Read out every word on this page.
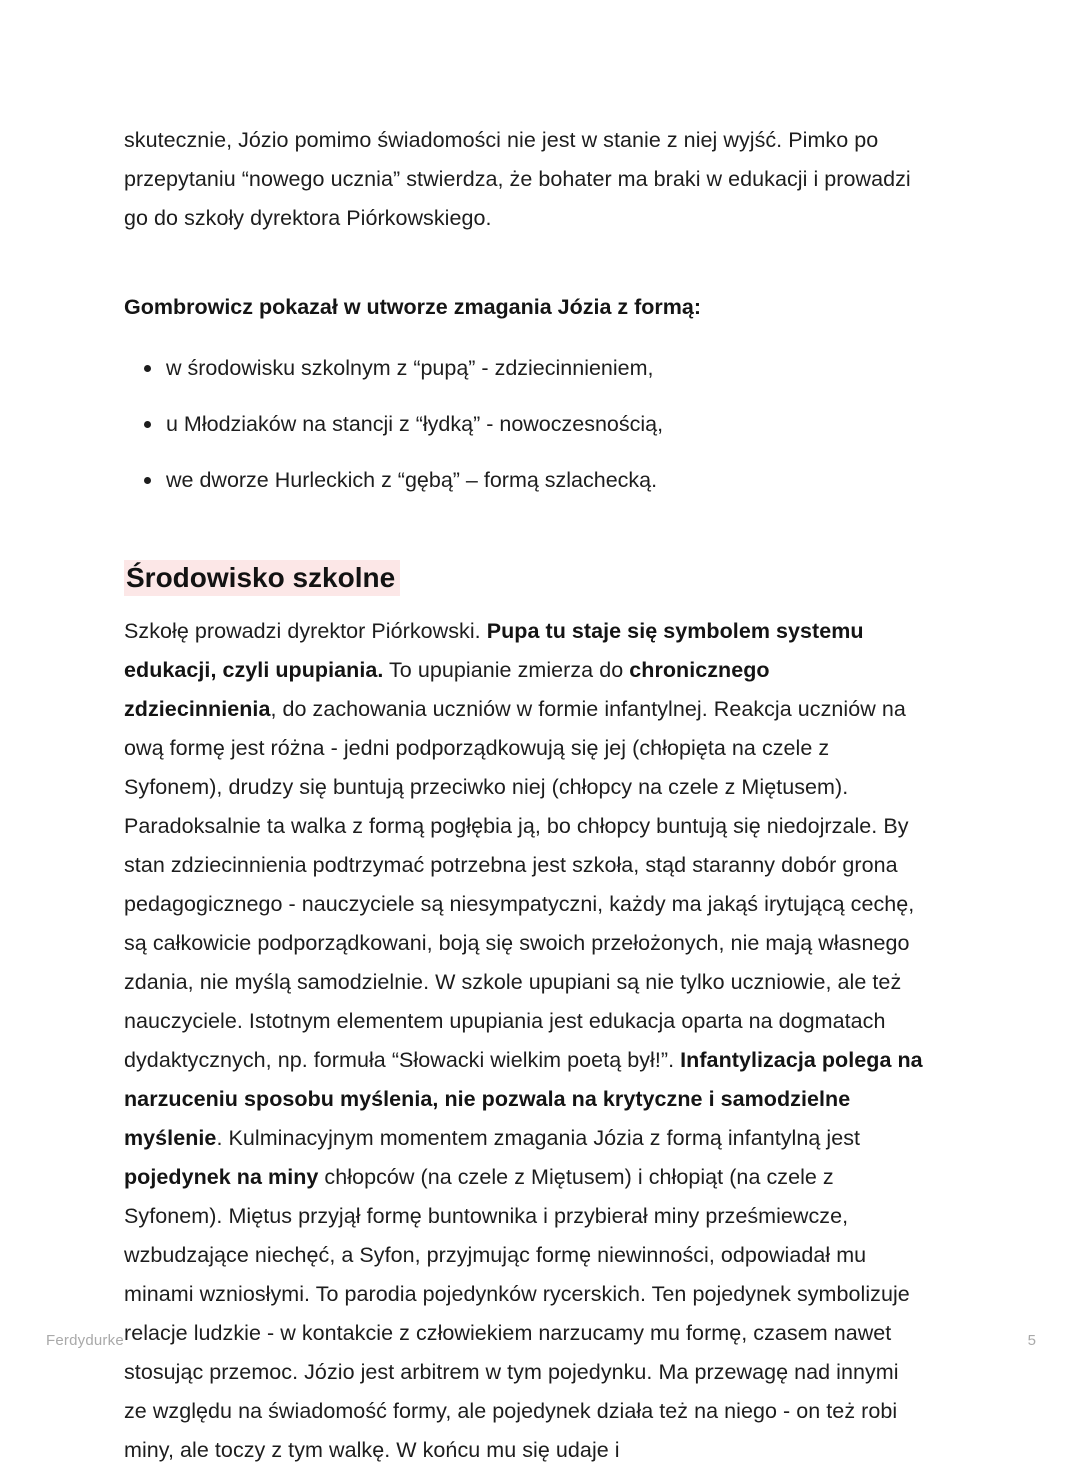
skutecznie, Józio pomimo świadomości nie jest w stanie z niej wyjść. Pimko po przepytaniu “nowego ucznia” stwierdza, że bohater ma braki w edukacji i prowadzi go do szkoły dyrektora Piórkowskiego.

Gombrowicz pokazał w utworze zmagania Józia z formą:

w środowisku szkolnym z “pupą” - zdziecinnieniem,
u Młodziaków na stancji z “łydką” - nowoczesnością,
we dworze Hurleckich z “gębą” – formą szlachecką.
Środowisko szkolne

Szkołę prowadzi dyrektor Piórkowski. Pupa tu staje się symbolem systemu edukacji, czyli upupiania. To upupianie zmierza do chronicznego zdziecinnienia, do zachowania uczniów w formie infantylnej. Reakcja uczniów na ową formę jest różna - jedni podporządkowują się jej (chłopięta na czele z Syfonem), drudzy się buntują przeciwko niej (chłopcy na czele z Miętusem). Paradoksalnie ta walka z formą pogłębia ją, bo chłopcy buntują się niedojrzale. By stan zdziecinnienia podtrzymać potrzebna jest szkoła, stąd staranny dobór grona pedagogicznego - nauczyciele są niesympatyczni, każdy ma jakąś irytującą cechę, są całkowicie podporządkowani, boją się swoich przełożonych, nie mają własnego zdania, nie myślą samodzielnie. W szkole upupiani są nie tylko uczniowie, ale też nauczyciele. Istotnym elementem upupiania jest edukacja oparta na dogmatach dydaktycznych, np. formuła “Słowacki wielkim poetą był!”. Infantylizacja polega na narzuceniu sposobu myślenia, nie pozwala na krytyczne i samodzielne myślenie. Kulminacyjnym momentem zmagania Józia z formą infantylną jest pojedynek na miny chłopców (na czele z Miętusem) i chłopiąt (na czele z Syfonem). Miętus przyjął formę buntownika i przybierał miny prześmiewcze, wzbudzające niechęć, a Syfon, przyjmując formę niewinności, odpowiadał mu minami wzniosłymi. To parodia pojedynków rycerskich. Ten pojedynek symbolizuje relacje ludzkie - w kontakcie z człowiekiem narzucamy mu formę, czasem nawet stosując przemoc. Józio jest arbitrem w tym pojedynku. Ma przewagę nad innymi ze względu na świadomość formy, ale pojedynek działa też na niego - on też robi miny, ale toczy z tym walkę. W końcu mu się udaje i

Ferdydurke	5
